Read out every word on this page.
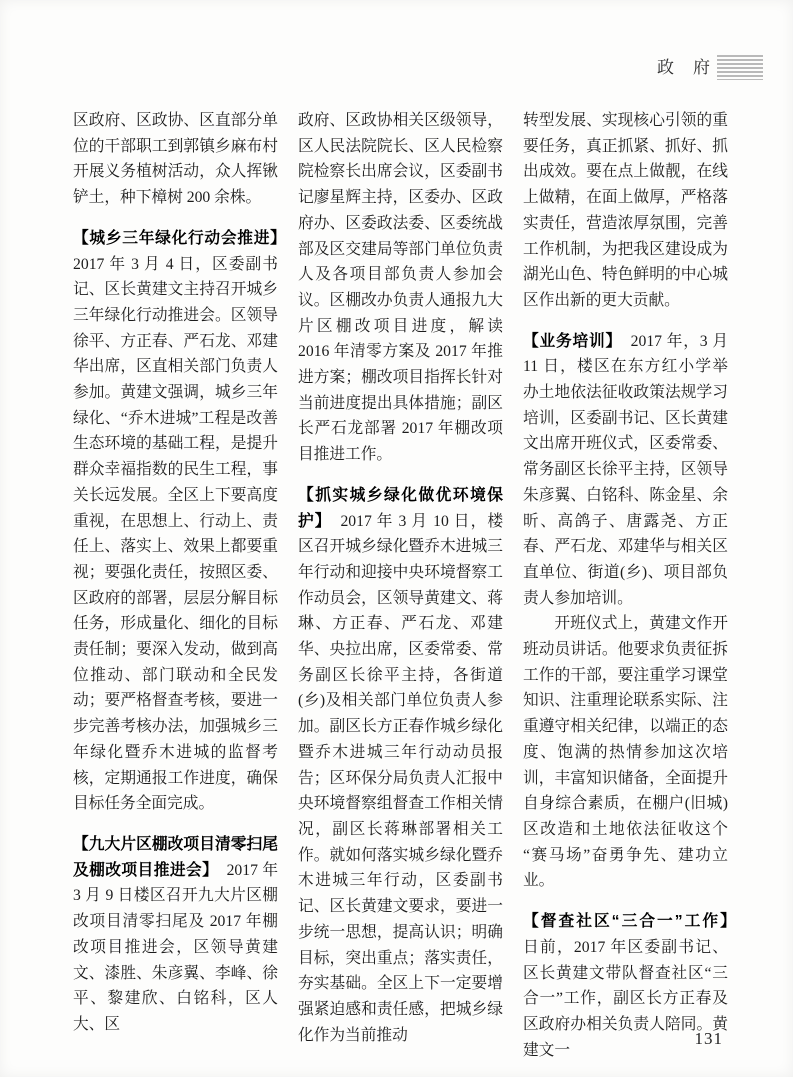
政　府

区政府、区政协、区直部分单位的干部职工到郭镇乡麻布村开展义务植树活动，众人挥锹铲土，种下樟树 200 余株。

【城乡三年绿化行动会推进】　2017 年 3 月 4 日，区委副书记、区长黄建文主持召开城乡三年绿化行动推进会。区领导徐平、方正春、严石龙、邓建华出席，区直相关部门负责人参加。黄建文强调，城乡三年绿化、“乔木进城”工程是改善生态环境的基础工程，是提升群众幸福指数的民生工程，事关长远发展。全区上下要高度重视，在思想上、行动上、责任上、落实上、效果上都要重视；要强化责任，按照区委、区政府的部署，层层分解目标任务，形成量化、细化的目标责任制；要深入发动，做到高位推动、部门联动和全民发动；要严格督查考核，要进一步完善考核办法，加强城乡三年绿化暨乔木进城的监督考核，定期通报工作进度，确保目标任务全面完成。

【九大片区棚改项目清零扫尾及棚改项目推进会】　 2017 年 3 月 9 日楼区召开九大片区棚改项目清零扫尾及 2017 年棚改项目推进会，区领导黄建文、漆胜、朱彦翼、李峰、徐平、黎建欣、白铭科，区人大、区

政府、区政协相关区级领导，区人民法院院长、区人民检察院检察长出席会议，区委副书记廖星辉主持，区委办、区政府办、区委政法委、区委统战部及区交建局等部门单位负责人及各项目部负责人参加会议。区棚改办负责人通报九大片区棚改项目进度，解读 2016 年清零方案及 2017 年推进方案；棚改项目指挥长针对当前进度提出具体措施；副区长严石龙部署 2017 年棚改项目推进工作。

【抓实城乡绿化做优环境保护】　 2017 年 3 月 10 日，楼区召开城乡绿化暨乔木进城三年行动和迎接中央环境督察工作动员会，区领导黄建文、蒋琳、方正春、严石龙、邓建华、央拉出席，区委常委、常务副区长徐平主持，各街道(乡)及相关部门单位负责人参加。副区长方正春作城乡绿化暨乔木进城三年行动动员报告；区环保分局负责人汇报中央环境督察组督查工作相关情况，副区长蒋琳部署相关工作。就如何落实城乡绿化暨乔木进城三年行动，区委副书记、区长黄建文要求，要进一步统一思想，提高认识；明确目标，突出重点；落实责任，夯实基础。全区上下一定要增强紧迫感和责任感，把城乡绿化作为当前推动

转型发展、实现核心引领的重要任务，真正抓紧、抓好、抓出成效。要在点上做靓，在线上做精，在面上做厚，严格落实责任，营造浓厚氛围，完善工作机制，为把我区建设成为湖光山色、特色鲜明的中心城区作出新的更大贡献。

【业务培训】　 2017 年，3 月 11 日，楼区在东方红小学举办土地依法征收政策法规学习培训，区委副书记、区长黄建文出席开班仪式，区委常委、常务副区长徐平主持，区领导朱彦翼、白铭科、陈金星、余昕、高鸽子、唐露尧、方正春、严石龙、邓建华与相关区直单位、街道(乡)、项目部负责人参加培训。

开班仪式上，黄建文作开班动员讲话。他要求负责征拆工作的干部，要注重学习课堂知识、注重理论联系实际、注重遵守相关纪律，以端正的态度、饱满的热情参加这次培训，丰富知识储备，全面提升自身综合素质，在棚户(旧城)区改造和土地依法征收这个“赛马场”奋勇争先、建功立业。

【督查社区“三合一”工作】　日前，2017 年区委副书记、区长黄建文带队督查社区“三合一”工作，副区长方正春及区政府办相关负责人陪同。黄建文一

131
